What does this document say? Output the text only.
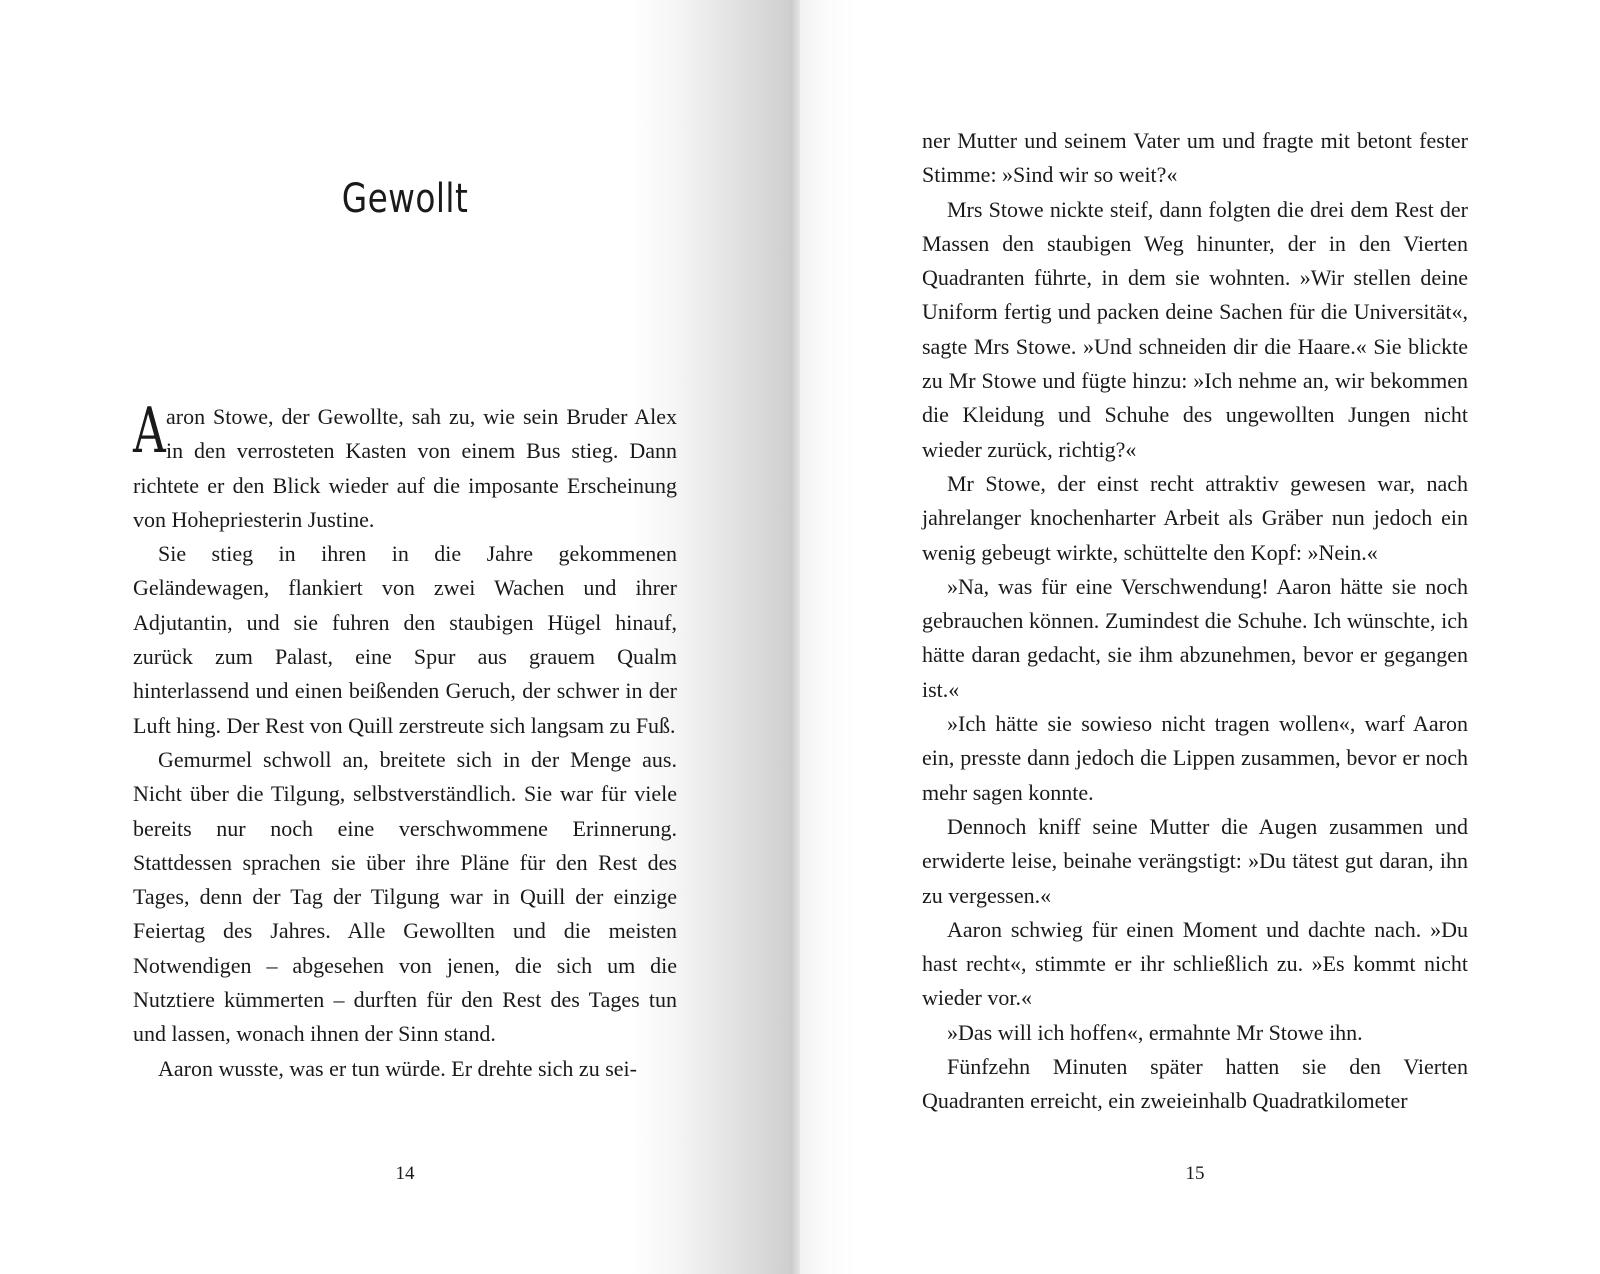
Gewollt

Aaron Stowe, der Gewollte, sah zu, wie sein Bruder Alex in den verrosteten Kasten von einem Bus stieg. Dann richtete er den Blick wieder auf die imposante Erscheinung von Hohepriesterin Justine.

Sie stieg in ihren in die Jahre gekommenen Geländewagen, flankiert von zwei Wachen und ihrer Adjutantin, und sie fuhren den staubigen Hügel hinauf, zurück zum Palast, eine Spur aus grauem Qualm hinterlassend und einen beißenden Geruch, der schwer in der Luft hing. Der Rest von Quill zerstreute sich langsam zu Fuß.

Gemurmel schwoll an, breitete sich in der Menge aus. Nicht über die Tilgung, selbstverständlich. Sie war für viele bereits nur noch eine verschwommene Erinnerung. Stattdessen sprachen sie über ihre Pläne für den Rest des Tages, denn der Tag der Tilgung war in Quill der einzige Feiertag des Jahres. Alle Gewollten und die meisten Notwendigen – abgesehen von jenen, die sich um die Nutztiere kümmerten – durften für den Rest des Tages tun und lassen, wonach ihnen der Sinn stand.

Aaron wusste, was er tun würde. Er drehte sich zu sei-

14

ner Mutter und seinem Vater um und fragte mit betont fester Stimme: »Sind wir so weit?«

Mrs Stowe nickte steif, dann folgten die drei dem Rest der Massen den staubigen Weg hinunter, der in den Vierten Quadranten führte, in dem sie wohnten. »Wir stellen deine Uniform fertig und packen deine Sachen für die Universität«, sagte Mrs Stowe. »Und schneiden dir die Haare.« Sie blickte zu Mr Stowe und fügte hinzu: »Ich nehme an, wir bekommen die Kleidung und Schuhe des ungewollten Jungen nicht wieder zurück, richtig?«

Mr Stowe, der einst recht attraktiv gewesen war, nach jahrelanger knochenharter Arbeit als Gräber nun jedoch ein wenig gebeugt wirkte, schüttelte den Kopf: »Nein.«

»Na, was für eine Verschwendung! Aaron hätte sie noch gebrauchen können. Zumindest die Schuhe. Ich wünschte, ich hätte daran gedacht, sie ihm abzunehmen, bevor er gegangen ist.«

»Ich hätte sie sowieso nicht tragen wollen«, warf Aaron ein, presste dann jedoch die Lippen zusammen, bevor er noch mehr sagen konnte.

Dennoch kniff seine Mutter die Augen zusammen und erwiderte leise, beinahe verängstigt: »Du tätest gut daran, ihn zu vergessen.«

Aaron schwieg für einen Moment und dachte nach. »Du hast recht«, stimmte er ihr schließlich zu. »Es kommt nicht wieder vor.«

»Das will ich hoffen«, ermahnte Mr Stowe ihn.

Fünfzehn Minuten später hatten sie den Vierten Quadranten erreicht, ein zweieinhalb Quadratkilometer

15
